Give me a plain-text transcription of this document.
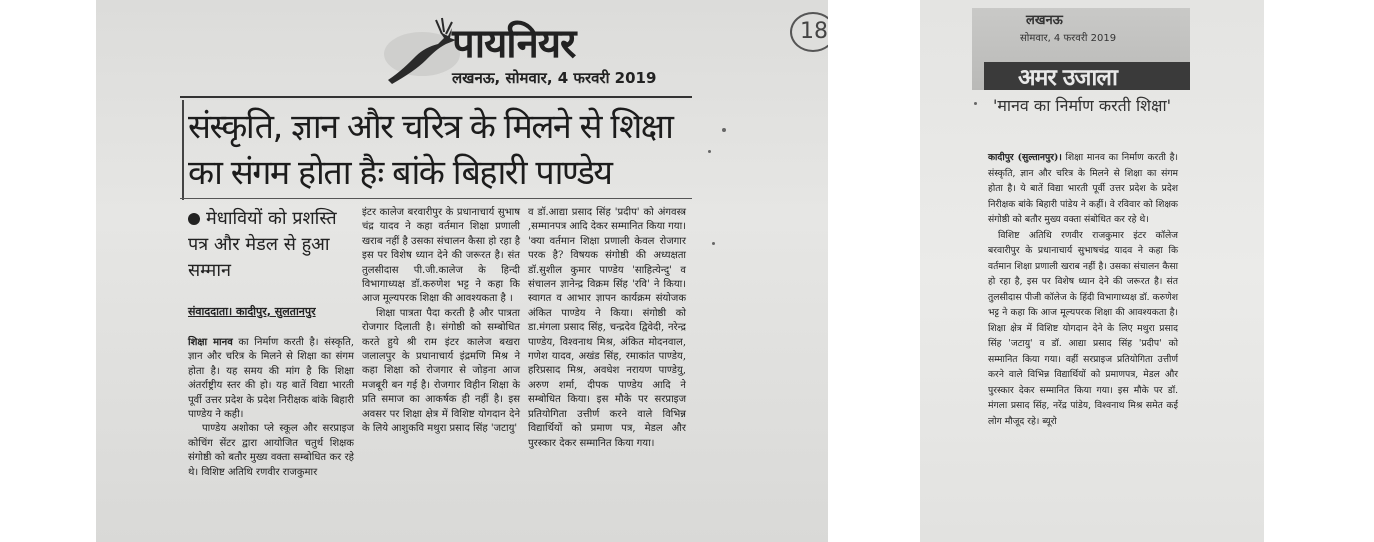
पायनियर
लखनऊ, सोमवार, 4 फरवरी 2019
18
संस्कृति, ज्ञान और चरित्र के मिलने से शिक्षा का संगम होता हैः बांके बिहारी पाण्डेय
मेधावियों को प्रशस्ति पत्र और मेडल से हुआ सम्मान
संवाददाता। कादीपुर, सुलतानपुर

शिक्षा मानव का निर्माण करती है। संस्कृति, ज्ञान और चरित्र के मिलने से शिक्षा का संगम होता है। यह समय की मांग है कि शिक्षा अंतर्राष्ट्रीय स्तर की हो। यह बातें विद्या भारती पूर्वी उत्तर प्रदेश के प्रदेश निरीक्षक बांके बिहारी पाण्डेय ने कही।

पाण्डेय अशोका प्ले स्कूल और सरप्राइज कोचिंग सेंटर द्वारा आयोजित चतुर्थ शिक्षक संगोष्ठी को बतौर मुख्य वक्ता सम्बोधित कर रहे थे। विशिष्ट अतिथि रणवीर राजकुमार

इंटर कालेज बरवारीपुर के प्रधानाचार्य सुभाष चंद्र यादव ने कहा वर्तमान शिक्षा प्रणाली खराब नहीं है उसका संचालन कैसा हो रहा है इस पर विशेष ध्यान देने की जरूरत है। संत तुलसीदास पी.जी.कालेज के हिन्दी विभागाध्यक्ष डॉ.करुणेश भट्ट ने कहा कि आज मूल्यपरक शिक्षा की आवश्यकता है ।

शिक्षा पात्रता पैदा करती है और पात्रता रोजगार दिलाती है। संगोष्ठी को सम्बोधित करते हुये श्री राम इंटर कालेज बखरा जलालपुर के प्रधानाचार्य इंद्रमणि मिश्र ने कहा शिक्षा को रोजगार से जोड़ना आज मजबूरी बन गई है। रोजगार विहीन शिक्षा के प्रति समाज का आकर्षक ही नहीं है। इस अवसर पर शिक्षा क्षेत्र में विशिष्ट योगदान देने के लिये आशुकवि मथुरा प्रसाद सिंह 'जटायु'

व डॉ.आद्या प्रसाद सिंह 'प्रदीप' को अंगवस्त्र ,सम्मानपत्र आदि देकर सम्मानित किया गया। 'क्या वर्तमान शिक्षा प्रणाली केवल रोजगार परक है? विषयक संगोष्ठी की अध्यक्षता डॉ.सुशील कुमार पाण्डेय 'साहित्येन्दु' व संचालन ज्ञानेन्द्र विक्रम सिंह 'रवि' ने किया। स्वागत व आभार ज्ञापन कार्यक्रम संयोजक अंकित पाण्डेय ने किया। संगोष्ठी को डा.मंगला प्रसाद सिंह, चन्द्रदेव द्विवेदी, नरेन्द्र पाण्डेय, विश्वनाथ मिश्र, अंकित मोदनवाल, गणेश यादव, अखंड सिंह, रमाकांत पाण्डेय, हरिप्रसाद मिश्र, अवधेश नरायण पाण्डेयु, अरुण शर्मा, दीपक पाण्डेय आदि ने सम्बोधित किया। इस मौके पर सरप्राइज प्रतियोगिता उत्तीर्ण करने वाले विभिन्न विद्यार्थियों को प्रमाण पत्र, मेडल और पुरस्कार देकर सम्मानित किया गया।

लखनऊ
सोमवार, 4 फरवरी 2019
अमर उजाला
'मानव का निर्माण करती शिक्षा'

कादीपुर (सुल्तानपुर)। शिक्षा मानव का निर्माण करती है। संस्कृति, ज्ञान और चरित्र के मिलने से शिक्षा का संगम होता है। ये बातें विद्या भारती पूर्वी उत्तर प्रदेश के प्रदेश निरीक्षक बांके बिहारी पांडेय ने कहीं। वे रविवार को शिक्षक संगोष्ठी को बतौर मुख्य वक्ता संबोधित कर रहे थे।

विशिष्ट अतिथि रणवीर राजकुमार इंटर कॉलेज बरवारीपुर के प्रधानाचार्य सुभाषचंद्र यादव ने कहा कि वर्तमान शिक्षा प्रणाली खराब नहीं है। उसका संचालन कैसा हो रहा है, इस पर विशेष ध्यान देने की जरूरत है। संत तुलसीदास पीजी कॉलेज के हिंदी विभागाध्यक्ष डॉ. करुणेश भट्ट ने कहा कि आज मूल्यपरक शिक्षा की आवश्यकता है। शिक्षा क्षेत्र में विशिष्ट योगदान देने के लिए मथुरा प्रसाद सिंह 'जटायु' व डॉ. आद्या प्रसाद सिंह 'प्रदीप' को सम्मानित किया गया। वहीं सरप्राइज प्रतियोगिता उत्तीर्ण करने वाले विभिन्न विद्यार्थियों को प्रमाणपत्र, मेडल और पुरस्कार देकर सम्मानित किया गया। इस मौके पर डॉ. मंगला प्रसाद सिंह, नरेंद्र पांडेय, विश्वनाथ मिश्र समेत कई लोग मौजूद रहे। ब्यूरो
